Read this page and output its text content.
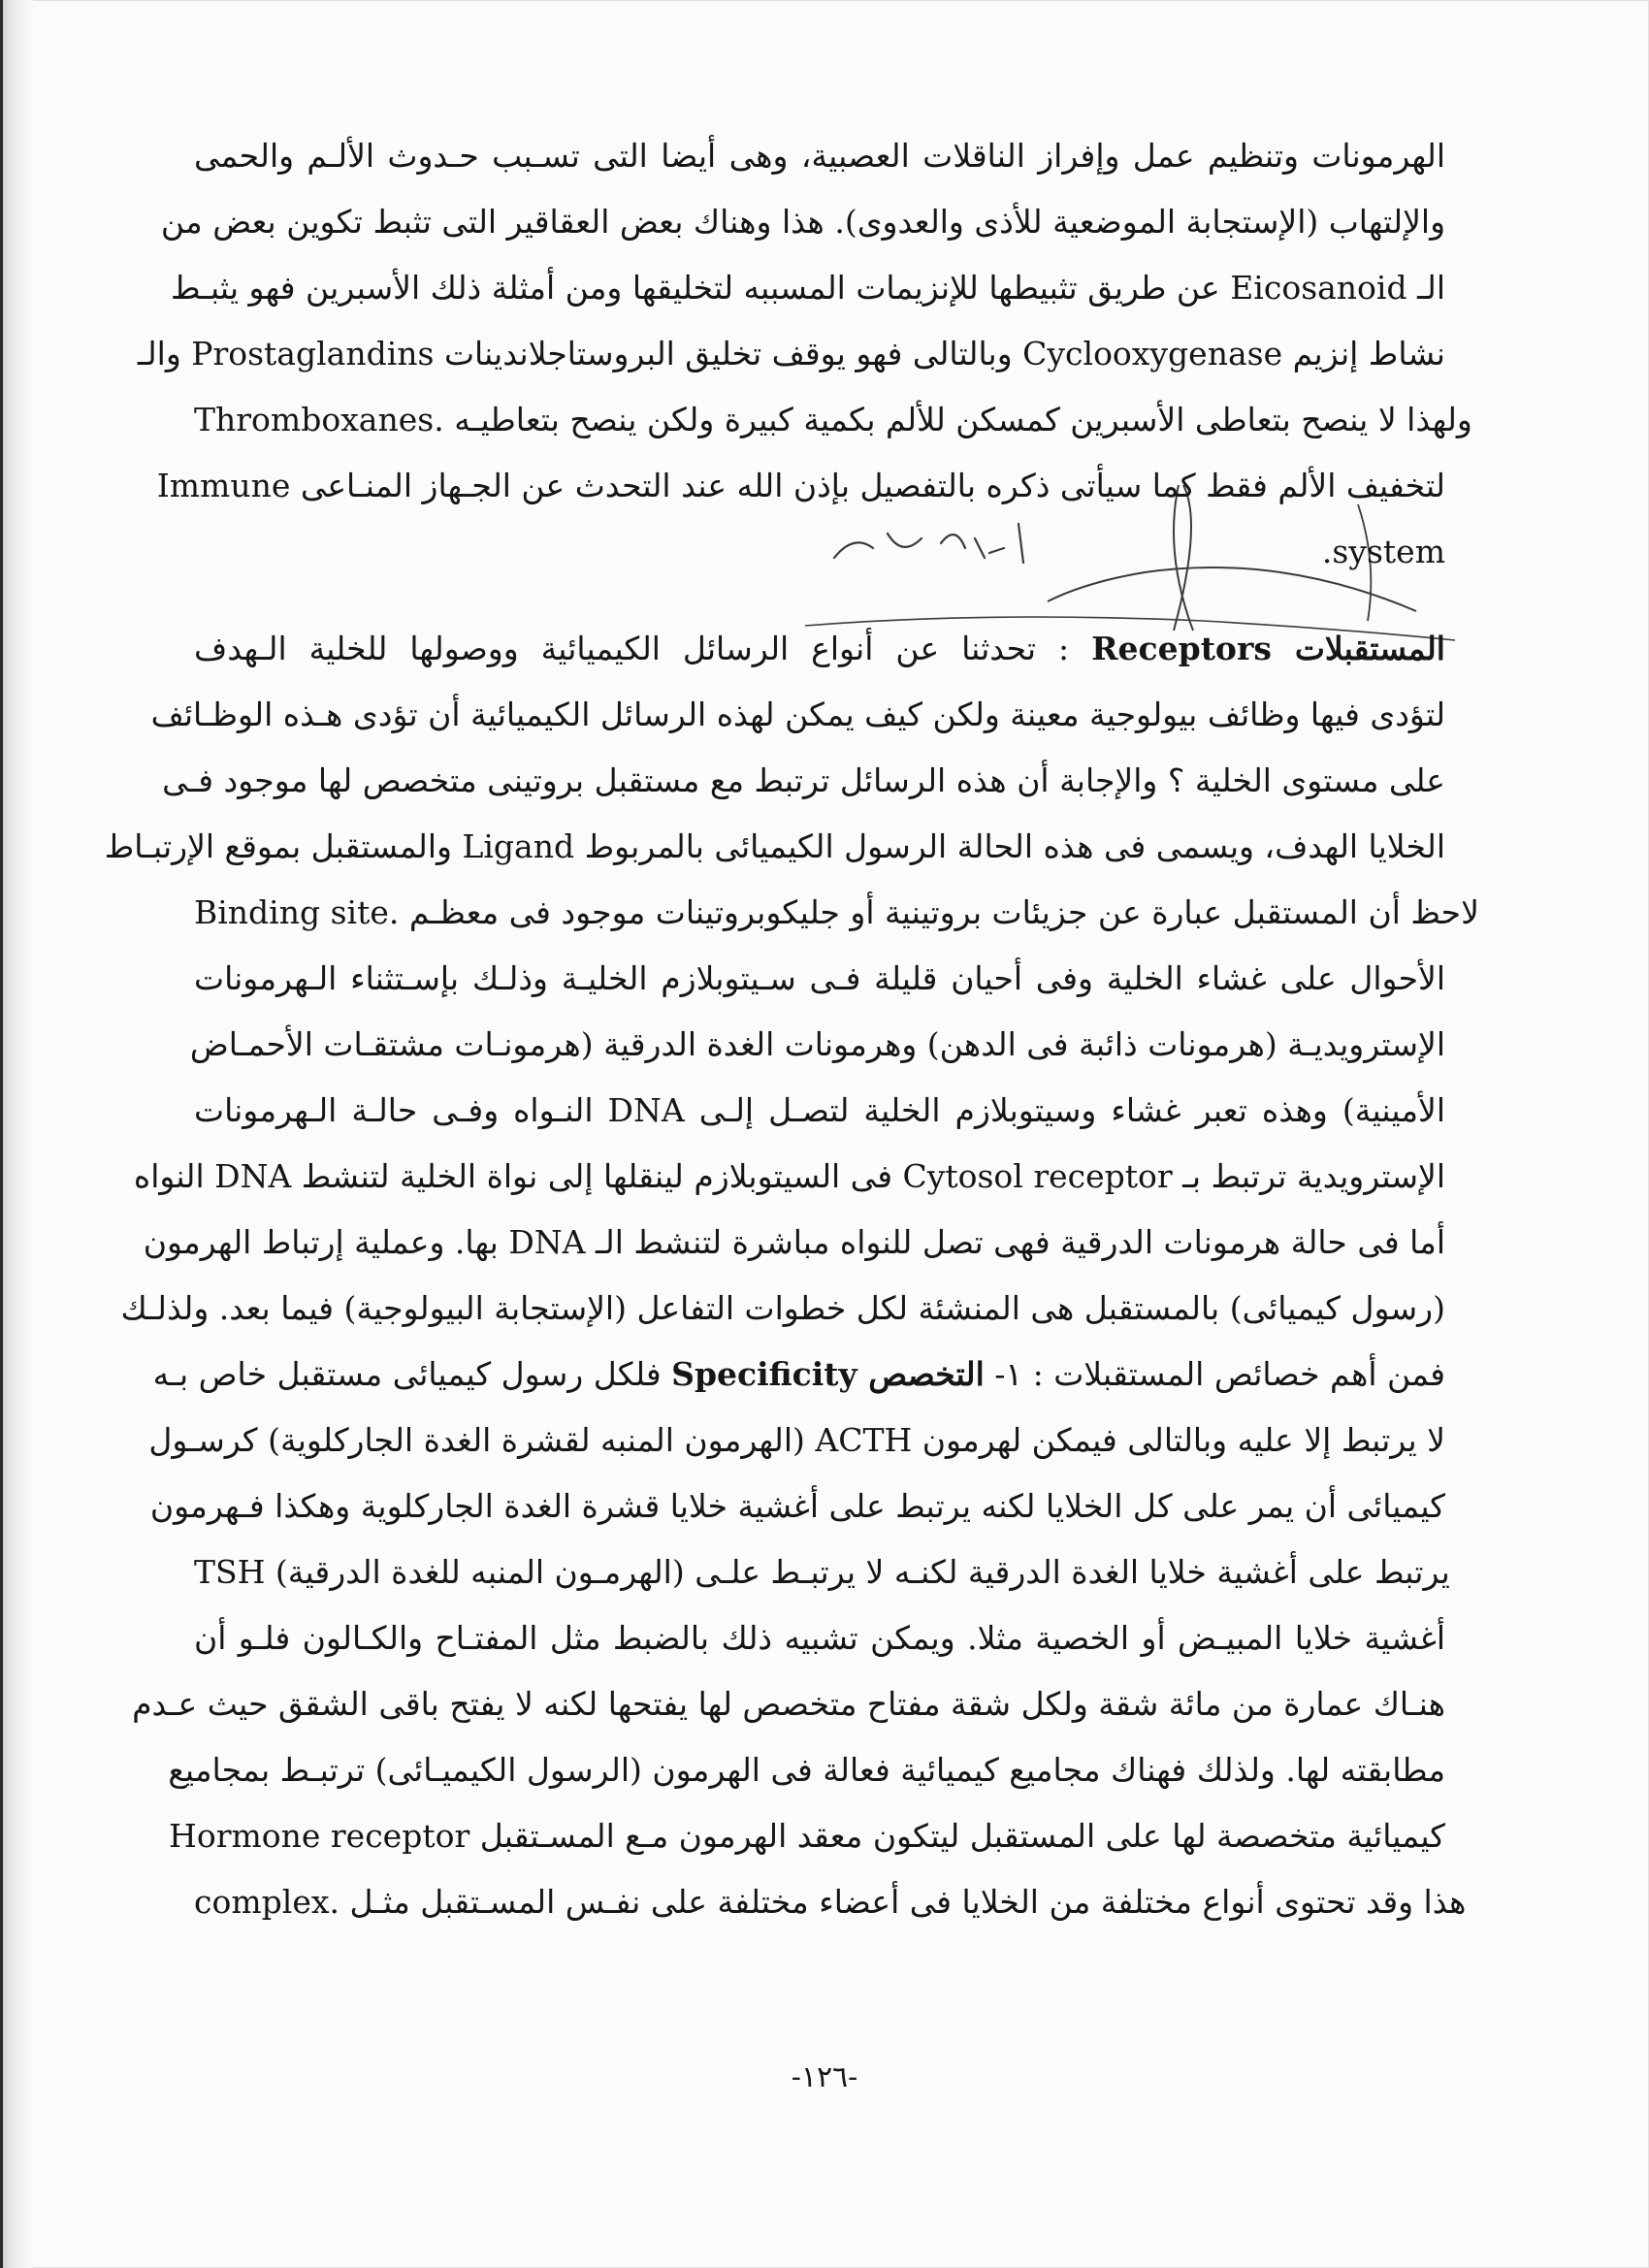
الهرمونات وتنظيم عمل وإفراز الناقلات العصبية، وهى أيضا التى تسـبب حـدوث الألـم والحمى
والإلتهاب (الإستجابة الموضعية للأذى والعدوى). هذا وهناك بعض العقاقير التى تثبط تكوين بعض من
الـ Eicosanoid عن طريق تثبيطها للإنزيمات المسببه لتخليقها ومن أمثلة ذلك الأسبرين فهو يثبـط
نشاط إنزيم Cyclooxygenase وبالتالى فهو يوقف تخليق البروستاجلاندينات Prostaglandins والـ
Thromboxanes. ولهذا لا ينصح بتعاطى الأسبرين كمسكن للألم بكمية كبيرة ولكن ينصح بتعاطيـه
لتخفيف الألم فقط كما سيأتى ذكره بالتفصيل بإذن الله عند التحدث عن الجـهاز المنـاعى Immune
.system
المستقبلات Receptors : تحدثنا عن أنواع الرسائل الكيميائية ووصولها للخلية الـهدف
لتؤدى فيها وظائف بيولوجية معينة ولكن كيف يمكن لهذه الرسائل الكيميائية أن تؤدى هـذه الوظـائف
على مستوى الخلية ؟ والإجابة أن هذه الرسائل ترتبط مع مستقبل بروتينى متخصص لها موجود فـى
الخلايا الهدف، ويسمى فى هذه الحالة الرسول الكيميائى بالمربوط Ligand والمستقبل بموقع الإرتبـاط
Binding site. لاحظ أن المستقبل عبارة عن جزيئات بروتينية أو جليكوبروتينات موجود فى معظـم
الأحوال على غشاء الخلية وفى أحيان قليلة فـى سـيتوبلازم الخليـة وذلـك بإسـتثناء الـهرمونات
الإسترويديـة (هرمونات ذائبة فى الدهن) وهرمونات الغدة الدرقية (هرمونـات مشتقـات الأحمـاض
الأمينية) وهذه تعبر غشاء وسيتوبلازم الخلية لتصـل إلـى DNA النـواه وفـى حالـة الـهرمونات
الإسترويدية ترتبط بـ Cytosol receptor فى السيتوبلازم لينقلها إلى نواة الخلية لتنشط DNA النواه
أما فى حالة هرمونات الدرقية فهى تصل للنواه مباشرة لتنشط الـ DNA بها. وعملية إرتباط الهرمون
(رسول كيميائى) بالمستقبل هى المنشئة لكل خطوات التفاعل (الإستجابة البيولوجية) فيما بعد. ولذلـك
فمن أهم خصائص المستقبلات : ١- التخصص Specificity فلكل رسول كيميائى مستقبل خاص بـه
لا يرتبط إلا عليه وبالتالى فيمكن لهرمون ACTH (الهرمون المنبه لقشرة الغدة الجاركلوية) كرسـول
كيميائى أن يمر على كل الخلايا لكنه يرتبط على أغشية خلايا قشرة الغدة الجاركلوية وهكذا فـهرمون
TSH (الهرمـون المنبه للغدة الدرقية) يرتبط على أغشية خلايا الغدة الدرقية لكنـه لا يرتبـط علـى
أغشية خلايا المبيـض أو الخصية مثلا. ويمكن تشبيه ذلك بالضبط مثل المفتـاح والكـالون فلـو أن
هنـاك عمارة من مائة شقة ولكل شقة مفتاح متخصص لها يفتحها لكنه لا يفتح باقى الشقق حيث عـدم
مطابقته لها. ولذلك فهناك مجاميع كيميائية فعالة فى الهرمون (الرسول الكيميـائى) ترتبـط بمجاميع
كيميائية متخصصة لها على المستقبل ليتكون معقد الهرمون مـع المسـتقبل Hormone receptor
complex. هذا وقد تحتوى أنواع مختلفة من الخلايا فى أعضاء مختلفة على نفـس المسـتقبل مثـل
-١٢٦-
